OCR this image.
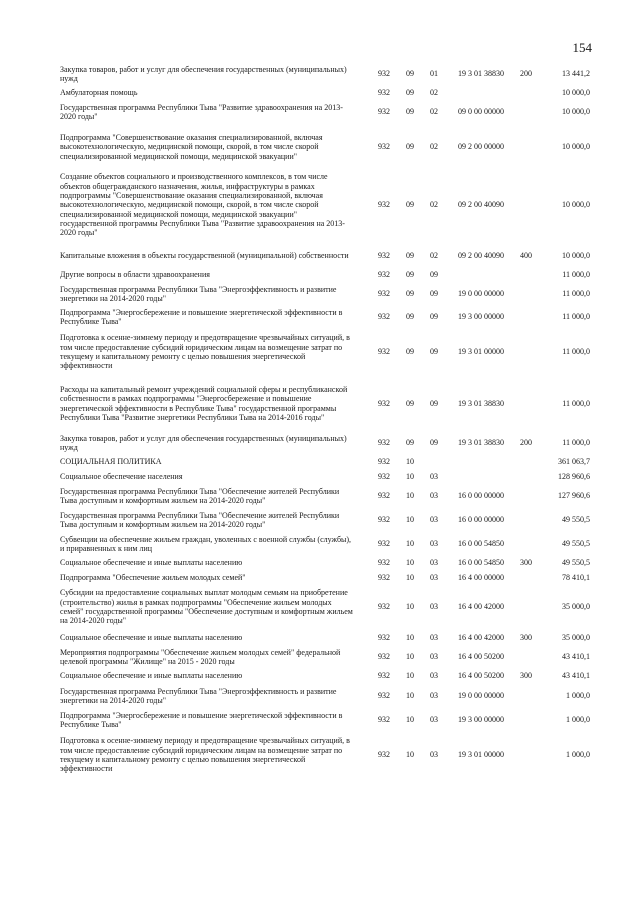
154
Закупка товаров, работ и услуг для обеспечения государственных (муниципальных) нужд
932 09 01	19 3 01 38830 200	13 441,2
Амбулаторная помощь	932 09 02	10 000,0
Государственная программа Республики Тыва "Развитие здравоохранения на 2013-2020 годы"
932 09 02	09 0 00 00000	10 000,0
Подпрограмма "Совершенствование оказания специализированной, включая высокотехнологическую, медицинской помощи, скорой, в том числе скорой специализированной медицинской помощи, медицинской эвакуации"
932 09 02	09 2 00 00000	10 000,0
Создание объектов социального и производственного комплексов, в том числе объектов общегражданского назначения, жилья, инфраструктуры в рамках подпрограммы "Совершенствование оказания специализированной, включая высокотехнологическую, медицинской помощи, скорой, в том числе скорой специализированной медицинской помощи, медицинской эвакуации" государственной программы Республики Тыва "Развитие здравоохранения на 2013-2020 годы"
932 09 02	09 2 00 40090	10 000,0
Капитальные вложения в объекты государственной (муниципальной) собственности	932 09 02	09 2 00 40090 400	10 000,0
Другие вопросы в области здравоохранения	932 09 09	11 000,0
Государственная программа Республики Тыва "Энергоэффективность и развитие энергетики на 2014-2020 годы"
932 09 09	19 0 00 00000	11 000,0
Подпрограмма "Энергосбережение и повышение энергетической эффективности в Республике Тыва"
932 09 09	19 3 00 00000	11 000,0
Подготовка к осенне-зимнему периоду и предотвращение чрезвычайных ситуаций, в том числе предоставление субсидий юридическим лицам на возмещение затрат по текущему и капитальному ремонту с целью повышения энергетической эффективности
932 09 09	19 3 01 00000	11 000,0
Расходы на капитальный ремонт учреждений социальной сферы и республиканской собственности в рамках подпрограммы "Энергосбережение и повышение энергетической эффективности в Республике Тыва" государственной программы Республики Тыва "Развитие энергетики Республики Тыва на 2014-2016 годы"
932 09 09	19 3 01 38830	11 000,0
Закупка товаров, работ и услуг для обеспечения государственных (муниципальных) нужд
932 09 09	19 3 01 38830 200	11 000,0
СОЦИАЛЬНАЯ ПОЛИТИКА	932 10	361 063,7
Социальное обеспечение населения	932 10 03	128 960,6
Государственная программа Республики Тыва "Обеспечение жителей Республики Тыва доступным и комфортным жильем на 2014-2020 годы"
932 10 03	16 0 00 00000	127 960,6
Государственная программа Республики Тыва "Обеспечение жителей Республики Тыва доступным и комфортным жильем на 2014-2020 годы"
932 10 03	16 0 00 00000	49 550,5
Субвенции на обеспечение жильем граждан, уволенных с военной службы (службы), и приравненных к ним лиц
932 10 03	16 0 00 54850	49 550,5
Социальное обеспечение и иные выплаты населению	932 10 03	16 0 00 54850 300	49 550,5
Подпрограмма "Обеспечение жильем молодых семей"	932 10 03	16 4 00 00000	78 410,1
Субсидии на предоставление социальных выплат молодым семьям на приобретение (строительство) жилья в рамках подпрограммы "Обеспечение жильем молодых семей" государственной программы "Обеспечение доступным и комфортным жильем на 2014-2020 годы"
932 10 03	16 4 00 42000	35 000,0
Социальное обеспечение и иные выплаты населению	932 10 03	16 4 00 42000 300	35 000,0
Мероприятия подпрограммы "Обеспечение жильем молодых семей" федеральной целевой программы "Жилище" на 2015 - 2020 годы
932 10 03	16 4 00 50200	43 410,1
Социальное обеспечение и иные выплаты населению	932 10 03	16 4 00 50200 300	43 410,1
Государственная программа Республики Тыва "Энергоэффективность и развитие энергетики на 2014-2020 годы"
932 10 03	19 0 00 00000	1 000,0
Подпрограмма "Энергосбережение и повышение энергетической эффективности в Республике Тыва"
932 10 03	19 3 00 00000	1 000,0
Подготовка к осенне-зимнему периоду и предотвращение чрезвычайных ситуаций, в том числе предоставление субсидий юридическим лицам на возмещение затрат по текущему и капитальному ремонту с целью повышения энергетической эффективности
932 10 03	19 3 01 00000	1 000,0
